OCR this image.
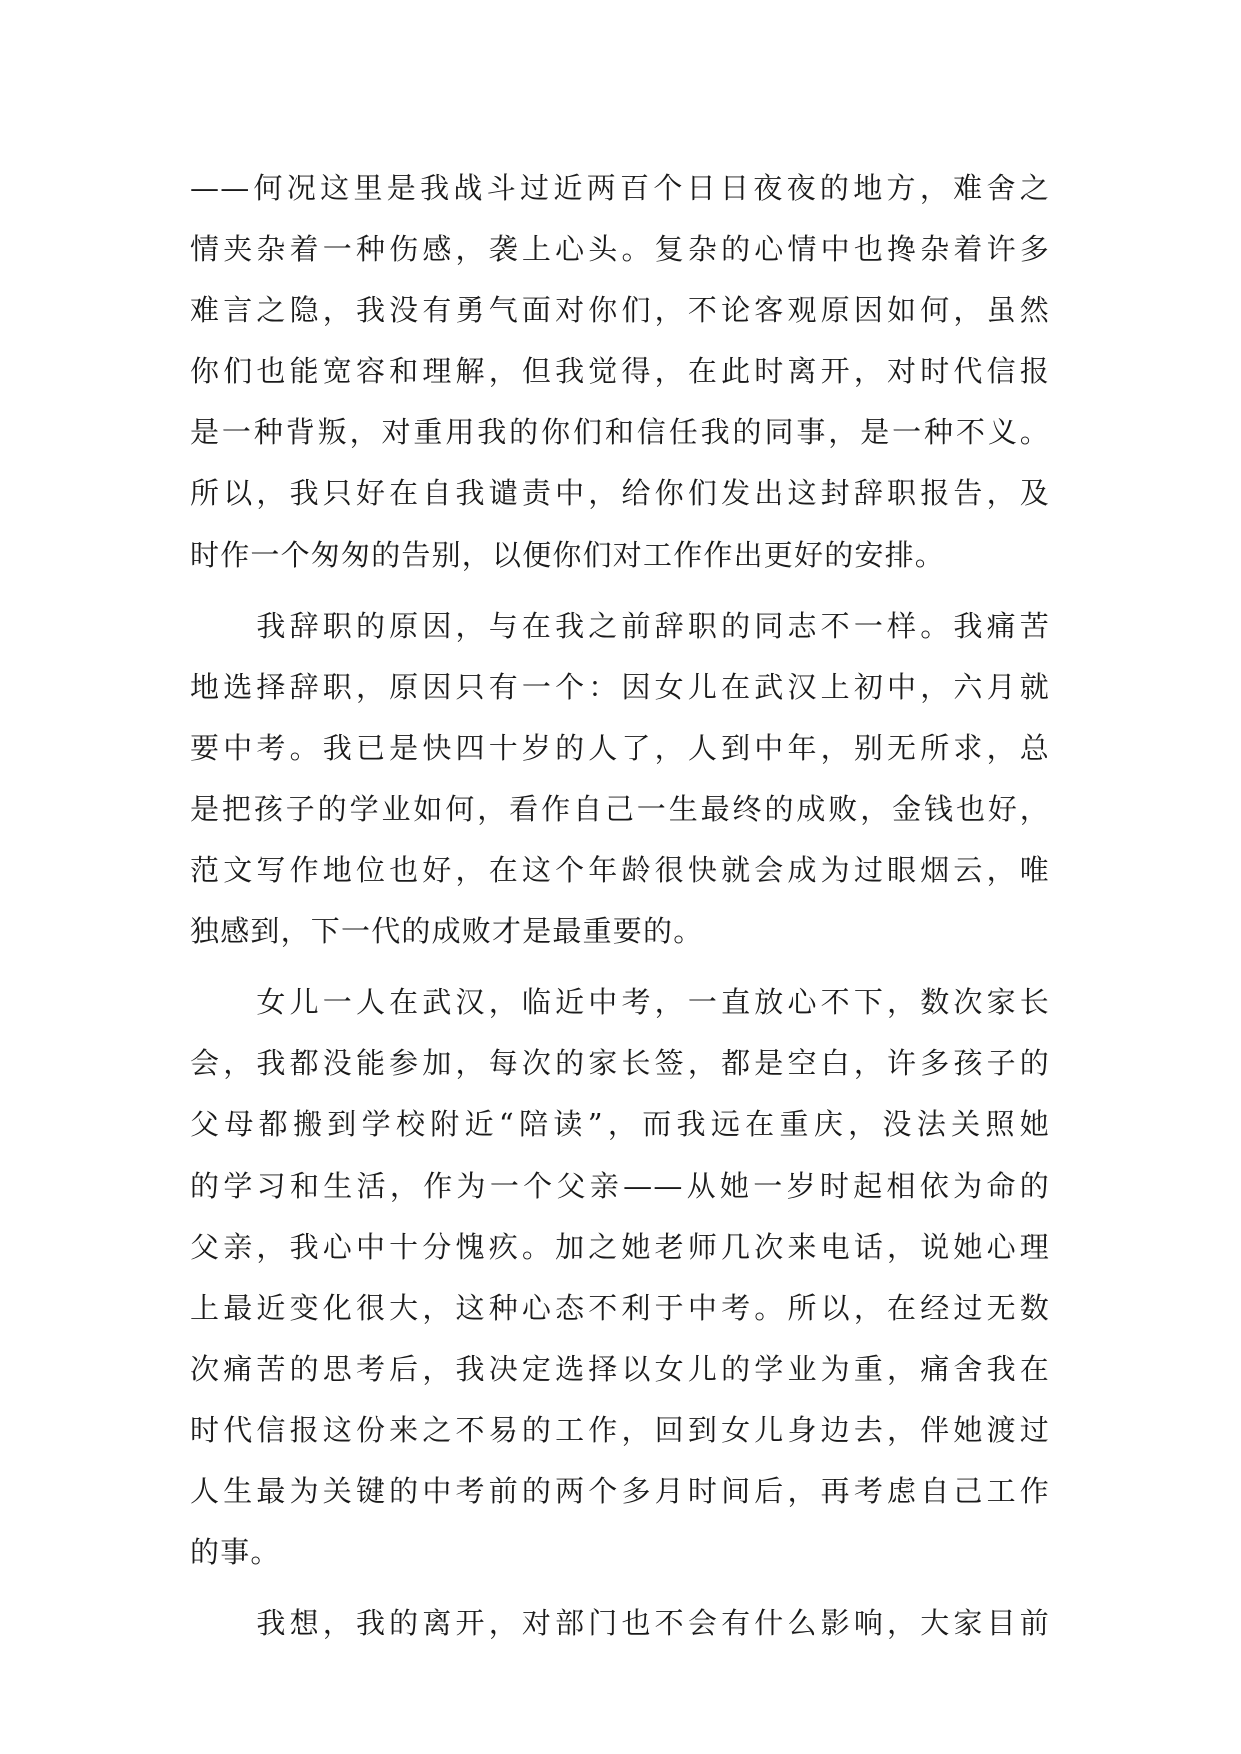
——何况这里是我战斗过近两百个日日夜夜的地方，难舍之
情夹杂着一种伤感，袭上心头。复杂的心情中也搀杂着许多
难言之隐，我没有勇气面对你们，不论客观原因如何，虽然
你们也能宽容和理解，但我觉得，在此时离开，对时代信报
是一种背叛，对重用我的你们和信任我的同事，是一种不义。
所以，我只好在自我谴责中，给你们发出这封辞职报告，及
时作一个匆匆的告别，以便你们对工作作出更好的安排。
　　我辞职的原因，与在我之前辞职的同志不一样。我痛苦
地选择辞职，原因只有一个：因女儿在武汉上初中，六月就
要中考。我已是快四十岁的人了，人到中年，别无所求，总
是把孩子的学业如何，看作自己一生最终的成败，金钱也好，
范文写作地位也好，在这个年龄很快就会成为过眼烟云，唯
独感到，下一代的成败才是最重要的。
　　女儿一人在武汉，临近中考，一直放心不下，数次家长
会，我都没能参加，每次的家长签，都是空白，许多孩子的
父母都搬到学校附近“陪读”，而我远在重庆，没法关照她
的学习和生活，作为一个父亲——从她一岁时起相依为命的
父亲，我心中十分愧疚。加之她老师几次来电话，说她心理
上最近变化很大，这种心态不利于中考。所以，在经过无数
次痛苦的思考后，我决定选择以女儿的学业为重，痛舍我在
时代信报这份来之不易的工作，回到女儿身边去，伴她渡过
人生最为关键的中考前的两个多月时间后，再考虑自己工作
的事。
　　我想，我的离开，对部门也不会有什么影响，大家目前
